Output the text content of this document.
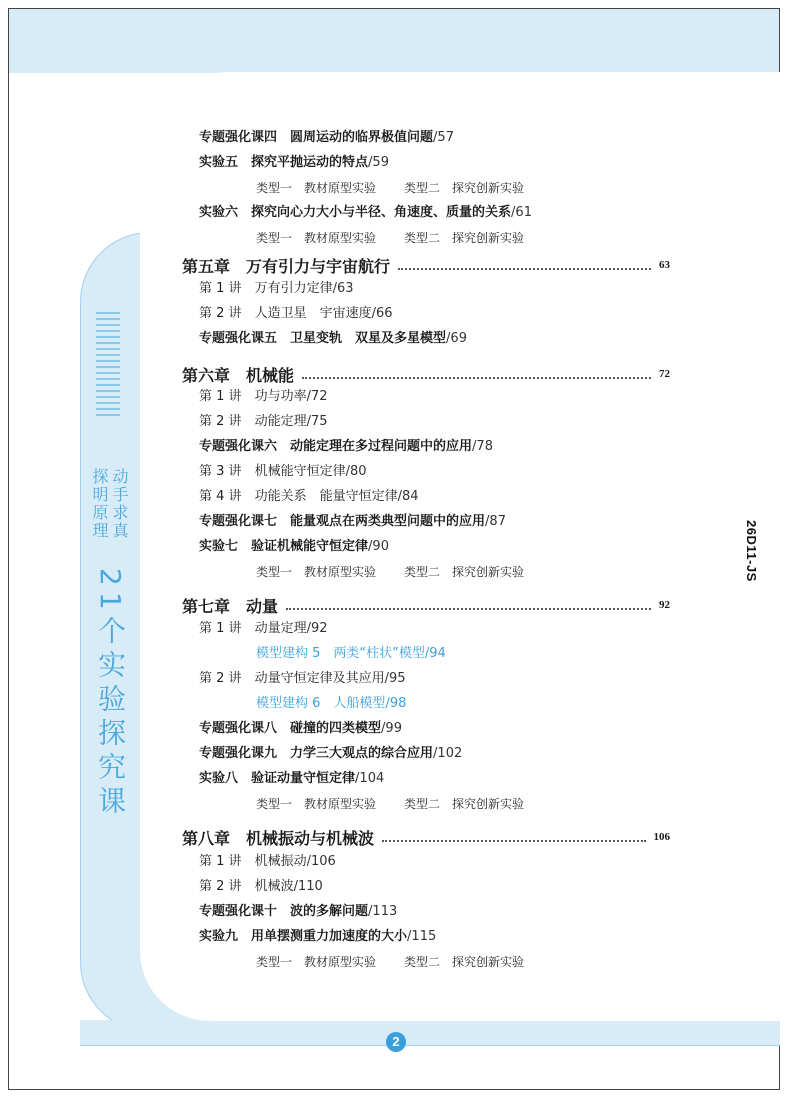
动手求真
探明原理
21个实验探究课
26D11-JS
2
专题强化课四　 圆周运动的临界极值问题/57
实验五　 探究平抛运动的特点/59
类型一　教材原型实验 类型二　探究创新实验
实验六　 探究向心力大小与半径、角速度、质量的关系/61
类型一　教材原型实验 类型二　探究创新实验
第五章　万有引力与宇宙航行	63
第 1 讲　 万有引力定律/63
第 2 讲　 人造卫星　宇宙速度/66
专题强化课五　 卫星变轨　双星及多星模型/69
第六章　机械能	72
第 1 讲　 功与功率/72
第 2 讲　 动能定理/75
专题强化课六　 动能定理在多过程问题中的应用/78
第 3 讲　 机械能守恒定律/80
第 4 讲　 功能关系　能量守恒定律/84
专题强化课七　 能量观点在两类典型问题中的应用/87
实验七　 验证机械能守恒定律/90
类型一　教材原型实验 类型二　探究创新实验
第七章　动量	92
第 1 讲　 动量定理/92
模型建构 5　 两类“柱状”模型/94
第 2 讲　 动量守恒定律及其应用/95
模型建构 6　 人船模型/98
专题强化课八　 碰撞的四类模型/99
专题强化课九　 力学三大观点的综合应用/102
实验八　 验证动量守恒定律/104
类型一　教材原型实验 类型二　探究创新实验
第八章　机械振动与机械波	106
第 1 讲　 机械振动/106
第 2 讲　 机械波/110
专题强化课十　 波的多解问题/113
实验九　 用单摆测重力加速度的大小/115
类型一　教材原型实验 类型二　探究创新实验
